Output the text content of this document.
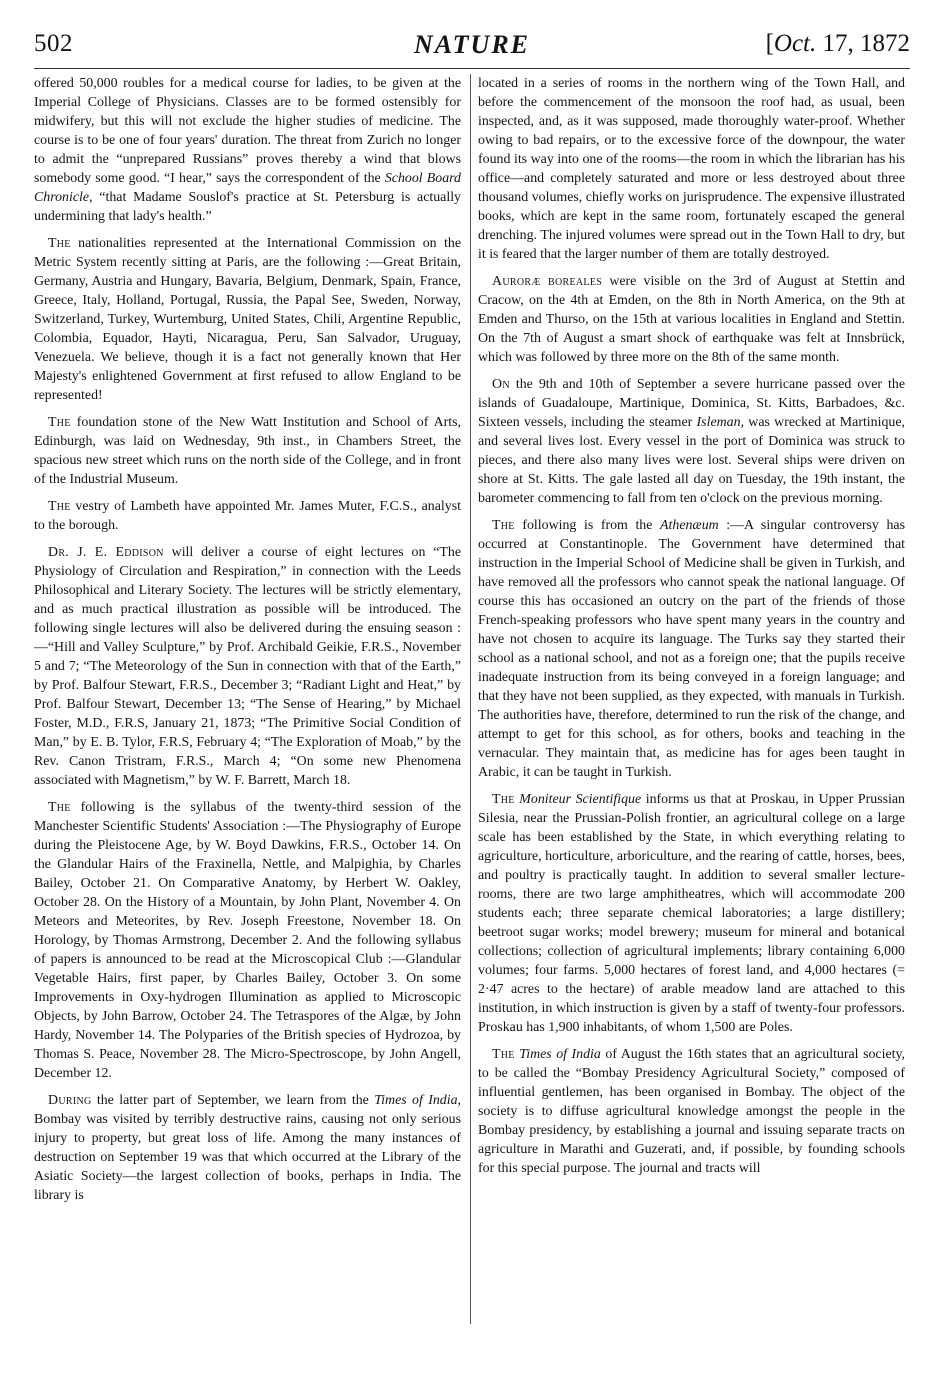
502	NATURE	[Oct. 17, 1872

offered 50,000 roubles for a medical course for ladies, to be given at the Imperial College of Physicians. Classes are to be formed ostensibly for midwifery, but this will not exclude the higher studies of medicine. The course is to be one of four years' duration. The threat from Zurich no longer to admit the “unprepared Russians” proves thereby a wind that blows somebody some good. “I hear,” says the correspondent of the School Board Chronicle, “that Madame Souslof's practice at St. Petersburg is actually undermining that lady's health.”

The nationalities represented at the International Commission on the Metric System recently sitting at Paris, are the following :—Great Britain, Germany, Austria and Hungary, Bavaria, Belgium, Denmark, Spain, France, Greece, Italy, Holland, Portugal, Russia, the Papal See, Sweden, Norway, Switzerland, Turkey, Wurtemburg, United States, Chili, Argentine Republic, Colombia, Equador, Hayti, Nicaragua, Peru, San Salvador, Uruguay, Venezuela. We believe, though it is a fact not generally known that Her Majesty's enlightened Government at first refused to allow England to be represented!

The foundation stone of the New Watt Institution and School of Arts, Edinburgh, was laid on Wednesday, 9th inst., in Chambers Street, the spacious new street which runs on the north side of the College, and in front of the Industrial Museum.

The vestry of Lambeth have appointed Mr. James Muter, F.C.S., analyst to the borough.

Dr. J. E. Eddison will deliver a course of eight lectures on “The Physiology of Circulation and Respiration,” in connection with the Leeds Philosophical and Literary Society. The lectures will be strictly elementary, and as much practical illustration as possible will be introduced. The following single lectures will also be delivered during the ensuing season :—“Hill and Valley Sculpture,” by Prof. Archibald Geikie, F.R.S., November 5 and 7; “The Meteorology of the Sun in connection with that of the Earth,” by Prof. Balfour Stewart, F.R.S., December 3; “Radiant Light and Heat,” by Prof. Balfour Stewart, December 13; “The Sense of Hearing,” by Michael Foster, M.D., F.R.S, January 21, 1873; “The Primitive Social Condition of Man,” by E. B. Tylor, F.R.S, February 4; “The Exploration of Moab,” by the Rev. Canon Tristram, F.R.S., March 4; “On some new Phenomena associated with Magnetism,” by W. F. Barrett, March 18.

The following is the syllabus of the twenty-third session of the Manchester Scientific Students' Association :—The Physiography of Europe during the Pleistocene Age, by W. Boyd Dawkins, F.R.S., October 14. On the Glandular Hairs of the Fraxinella, Nettle, and Malpighia, by Charles Bailey, October 21. On Comparative Anatomy, by Herbert W. Oakley, October 28. On the History of a Mountain, by John Plant, November 4. On Meteors and Meteorites, by Rev. Joseph Freestone, November 18. On Horology, by Thomas Armstrong, December 2. And the following syllabus of papers is announced to be read at the Microscopical Club :—Glandular Vegetable Hairs, first paper, by Charles Bailey, October 3. On some Improvements in Oxy-hydrogen Illumination as applied to Microscopic Objects, by John Barrow, October 24. The Tetraspores of the Algæ, by John Hardy, November 14. The Polyparies of the British species of Hydrozoa, by Thomas S. Peace, November 28. The Micro-Spectroscope, by John Angell, December 12.

During the latter part of September, we learn from the Times of India, Bombay was visited by terribly destructive rains, causing not only serious injury to property, but great loss of life. Among the many instances of destruction on September 19 was that which occurred at the Library of the Asiatic Society—the largest collection of books, perhaps in India. The library is

located in a series of rooms in the northern wing of the Town Hall, and before the commencement of the monsoon the roof had, as usual, been inspected, and, as it was supposed, made thoroughly water-proof. Whether owing to bad repairs, or to the excessive force of the downpour, the water found its way into one of the rooms—the room in which the librarian has his office—and completely saturated and more or less destroyed about three thousand volumes, chiefly works on jurisprudence. The expensive illustrated books, which are kept in the same room, fortunately escaped the general drenching. The injured volumes were spread out in the Town Hall to dry, but it is feared that the larger number of them are totally destroyed.

Auroræ boreales were visible on the 3rd of August at Stettin and Cracow, on the 4th at Emden, on the 8th in North America, on the 9th at Emden and Thurso, on the 15th at various localities in England and Stettin. On the 7th of August a smart shock of earthquake was felt at Innsbrück, which was followed by three more on the 8th of the same month.

On the 9th and 10th of September a severe hurricane passed over the islands of Guadaloupe, Martinique, Dominica, St. Kitts, Barbadoes, &c. Sixteen vessels, including the steamer Isleman, was wrecked at Martinique, and several lives lost. Every vessel in the port of Dominica was struck to pieces, and there also many lives were lost. Several ships were driven on shore at St. Kitts. The gale lasted all day on Tuesday, the 19th instant, the barometer commencing to fall from ten o'clock on the previous morning.

The following is from the Athenæum :—A singular controversy has occurred at Constantinople. The Government have determined that instruction in the Imperial School of Medicine shall be given in Turkish, and have removed all the professors who cannot speak the national language. Of course this has occasioned an outcry on the part of the friends of those French-speaking professors who have spent many years in the country and have not chosen to acquire its language. The Turks say they started their school as a national school, and not as a foreign one; that the pupils receive inadequate instruction from its being conveyed in a foreign language; and that they have not been supplied, as they expected, with manuals in Turkish. The authorities have, therefore, determined to run the risk of the change, and attempt to get for this school, as for others, books and teaching in the vernacular. They maintain that, as medicine has for ages been taught in Arabic, it can be taught in Turkish.

The Moniteur Scientifique informs us that at Proskau, in Upper Prussian Silesia, near the Prussian-Polish frontier, an agricultural college on a large scale has been established by the State, in which everything relating to agriculture, horticulture, arboriculture, and the rearing of cattle, horses, bees, and poultry is practically taught. In addition to several smaller lecture-rooms, there are two large amphitheatres, which will accommodate 200 students each; three separate chemical laboratories; a large distillery; beetroot sugar works; model brewery; museum for mineral and botanical collections; collection of agricultural implements; library containing 6,000 volumes; four farms. 5,000 hectares of forest land, and 4,000 hectares (= 2·47 acres to the hectare) of arable meadow land are attached to this institution, in which instruction is given by a staff of twenty-four professors. Proskau has 1,900 inhabitants, of whom 1,500 are Poles.

The Times of India of August the 16th states that an agricultural society, to be called the “Bombay Presidency Agricultural Society,” composed of influential gentlemen, has been organised in Bombay. The object of the society is to diffuse agricultural knowledge amongst the people in the Bombay presidency, by establishing a journal and issuing separate tracts on agriculture in Marathi and Guzerati, and, if possible, by founding schools for this special purpose. The journal and tracts will
